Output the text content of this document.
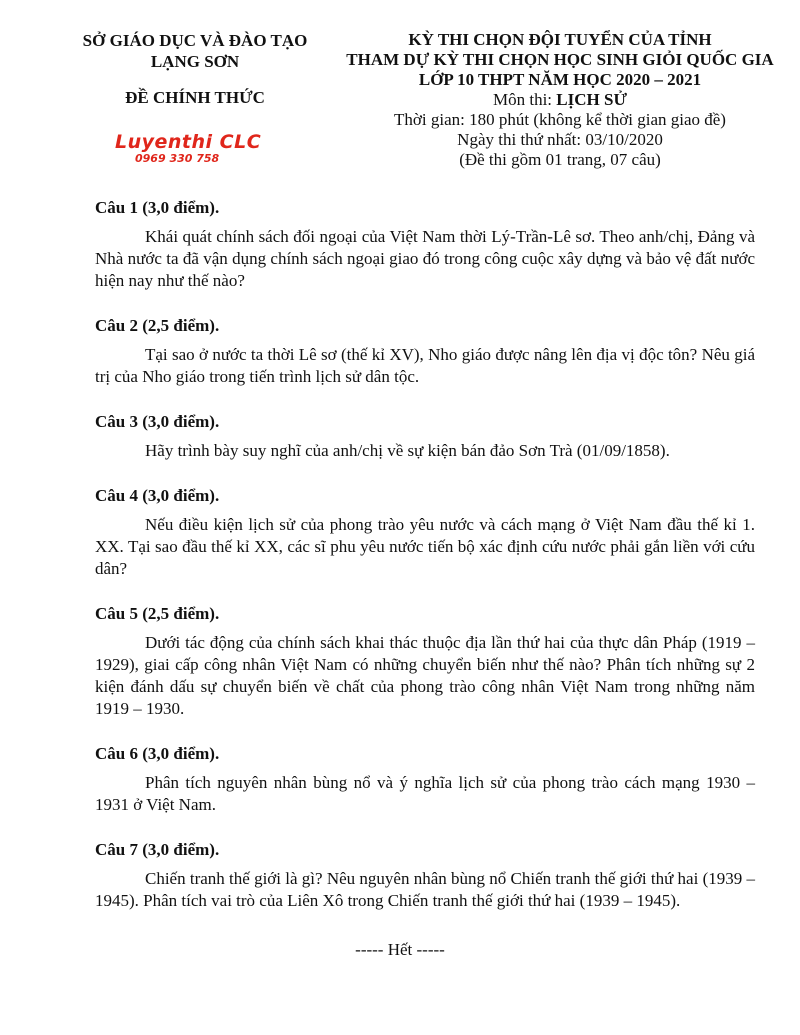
SỞ GIÁO DỤC VÀ ĐÀO TẠO
LẠNG SƠN
ĐỀ CHÍNH THỨC
Luyenthi CLC
0969 330 758
KỲ THI CHỌN ĐỘI TUYỂN CỦA TỈNH
THAM DỰ KỲ THI CHỌN HỌC SINH GIỎI QUỐC GIA
LỚP 10 THPT NĂM HỌC 2020 – 2021
Môn thi: LỊCH SỬ
Thời gian: 180 phút (không kể thời gian giao đề)
Ngày thi thứ nhất: 03/10/2020
(Đề thi gồm 01 trang, 07 câu)
Câu 1 (3,0 điểm).
Khái quát chính sách đối ngoại của Việt Nam thời Lý-Trần-Lê sơ. Theo anh/chị, Đảng và Nhà nước ta đã vận dụng chính sách ngoại giao đó trong công cuộc xây dựng và bảo vệ đất nước hiện nay như thế nào?
Câu 2 (2,5 điểm).
Tại sao ở nước ta thời Lê sơ (thế kỉ XV), Nho giáo được nâng lên địa vị độc tôn? Nêu giá trị của Nho giáo trong tiến trình lịch sử dân tộc.
Câu 3 (3,0 điểm).
Hãy trình bày suy nghĩ của anh/chị về sự kiện bán đảo Sơn Trà (01/09/1858).
Câu 4 (3,0 điểm).
Nếu điều kiện lịch sử của phong trào yêu nước và cách mạng ở Việt Nam đầu thế kỉ 1. XX. Tại sao đầu thế kỉ XX, các sĩ phu yêu nước tiến bộ xác định cứu nước phải gắn liền với cứu dân?
Câu 5 (2,5 điểm).
Dưới tác động của chính sách khai thác thuộc địa lần thứ hai của thực dân Pháp (1919 – 1929), giai cấp công nhân Việt Nam có những chuyển biến như thế nào? Phân tích những sự 2 kiện đánh dấu sự chuyển biến về chất của phong trào công nhân Việt Nam trong những năm 1919 – 1930.
Câu 6 (3,0 điểm).
Phân tích nguyên nhân bùng nổ và ý nghĩa lịch sử của phong trào cách mạng 1930 – 1931 ở Việt Nam.
Câu 7 (3,0 điểm).
Chiến tranh thế giới là gì? Nêu nguyên nhân bùng nổ Chiến tranh thế giới thứ hai (1939 – 1945). Phân tích vai trò của Liên Xô trong Chiến tranh thế giới thứ hai (1939 – 1945).
----- Hết -----
